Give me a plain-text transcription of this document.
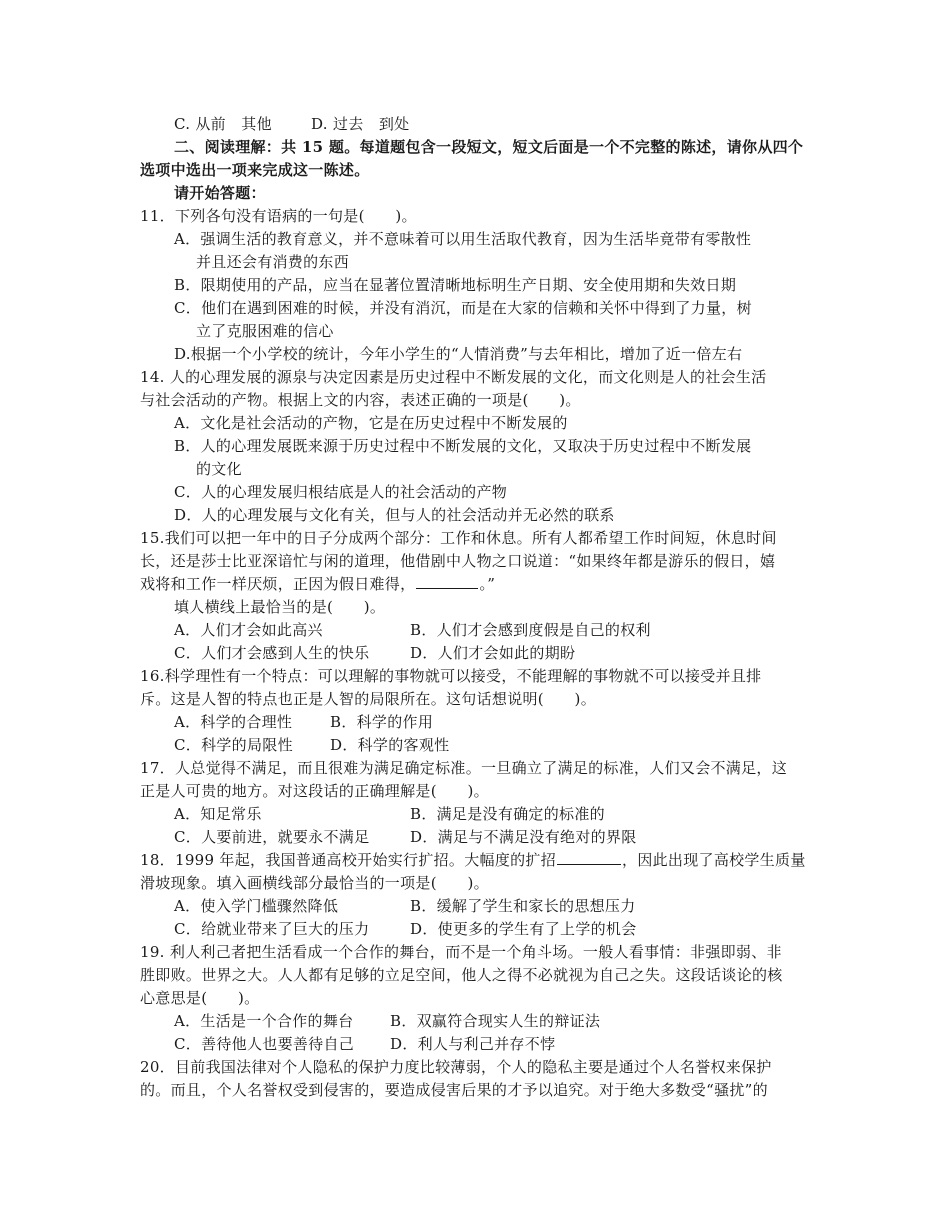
C. 从前　其他	D. 过去　到处
二、阅读理解：共 15 题。每道题包含一段短文，短文后面是一个不完整的陈述，请你从四个
选项中选出一项来完成这一陈述。
请开始答题：
11．下列各句没有语病的一句是(　　)。
A．强调生活的教育意义，并不意味着可以用生活取代教育，因为生活毕竟带有零散性
并且还会有消费的东西
B．限期使用的产品，应当在显著位置清晰地标明生产日期、安全使用期和失效日期
C．他们在遇到困难的时候，并没有消沉，而是在大家的信赖和关怀中得到了力量，树
立了克服困难的信心
D.根据一个小学校的统计，今年小学生的“人情消费”与去年相比，增加了近一倍左右
14. 人的心理发展的源泉与决定因素是历史过程中不断发展的文化，而文化则是人的社会生活
与社会活动的产物。根据上文的内容，表述正确的一项是(　　)。
A．文化是社会活动的产物，它是在历史过程中不断发展的
B．人的心理发展既来源于历史过程中不断发展的文化，又取决于历史过程中不断发展
的文化
C．人的心理发展归根结底是人的社会活动的产物
D．人的心理发展与文化有关，但与人的社会活动并无必然的联系
15.我们可以把一年中的日子分成两个部分：工作和休息。所有人都希望工作时间短，休息时间
长，还是莎士比亚深谙忙与闲的道理，他借剧中人物之口说道：“如果终年都是游乐的假日，嬉
戏将和工作一样厌烦，正因为假日难得，	。”
填人横线上最恰当的是(　　)。
A．人们才会如此高兴	B．人们才会感到度假是自己的权利
C．人们才会感到人生的快乐	D．人们才会如此的期盼
16.科学理性有一个特点：可以理解的事物就可以接受，不能理解的事物就不可以接受并且排
斥。这是人智的特点也正是人智的局限所在。这句话想说明(　　)。
A．科学的合理性	B．科学的作用
C．科学的局限性 D．科学的客观性
17．人总觉得不满足，而且很难为满足确定标准。一旦确立了满足的标准，人们又会不满足，这
正是人可贵的地方。对这段话的正确理解是(　　)。
A．知足常乐	B．满足是没有确定的标准的
C．人要前进，就要永不满足	D．满足与不满足没有绝对的界限
18．1999 年起，我国普通高校开始实行扩招。大幅度的扩招	，因此出现了高校学生质量
滑坡现象。填入画横线部分最恰当的一项是(　　)。
A．使入学门槛骤然降低	B．缓解了学生和家长的思想压力
C．给就业带来了巨大的压力	D．使更多的学生有了上学的机会
19. 利人利己者把生活看成一个合作的舞台，而不是一个角斗场。一般人看事情：非强即弱、非
胜即败。世界之大。人人都有足够的立足空间，他人之得不必就视为自己之失。这段话谈论的核
心意思是(　　)。
A．生活是一个合作的舞台 B．双赢符合现实人生的辩证法
C．善待他人也要善待自己 D．利人与利己并存不悖
20．目前我国法律对个人隐私的保护力度比较薄弱，个人的隐私主要是通过个人名誉权来保护
的。而且，个人名誉权受到侵害的，要造成侵害后果的才予以追究。对于绝大多数受“骚扰”的
